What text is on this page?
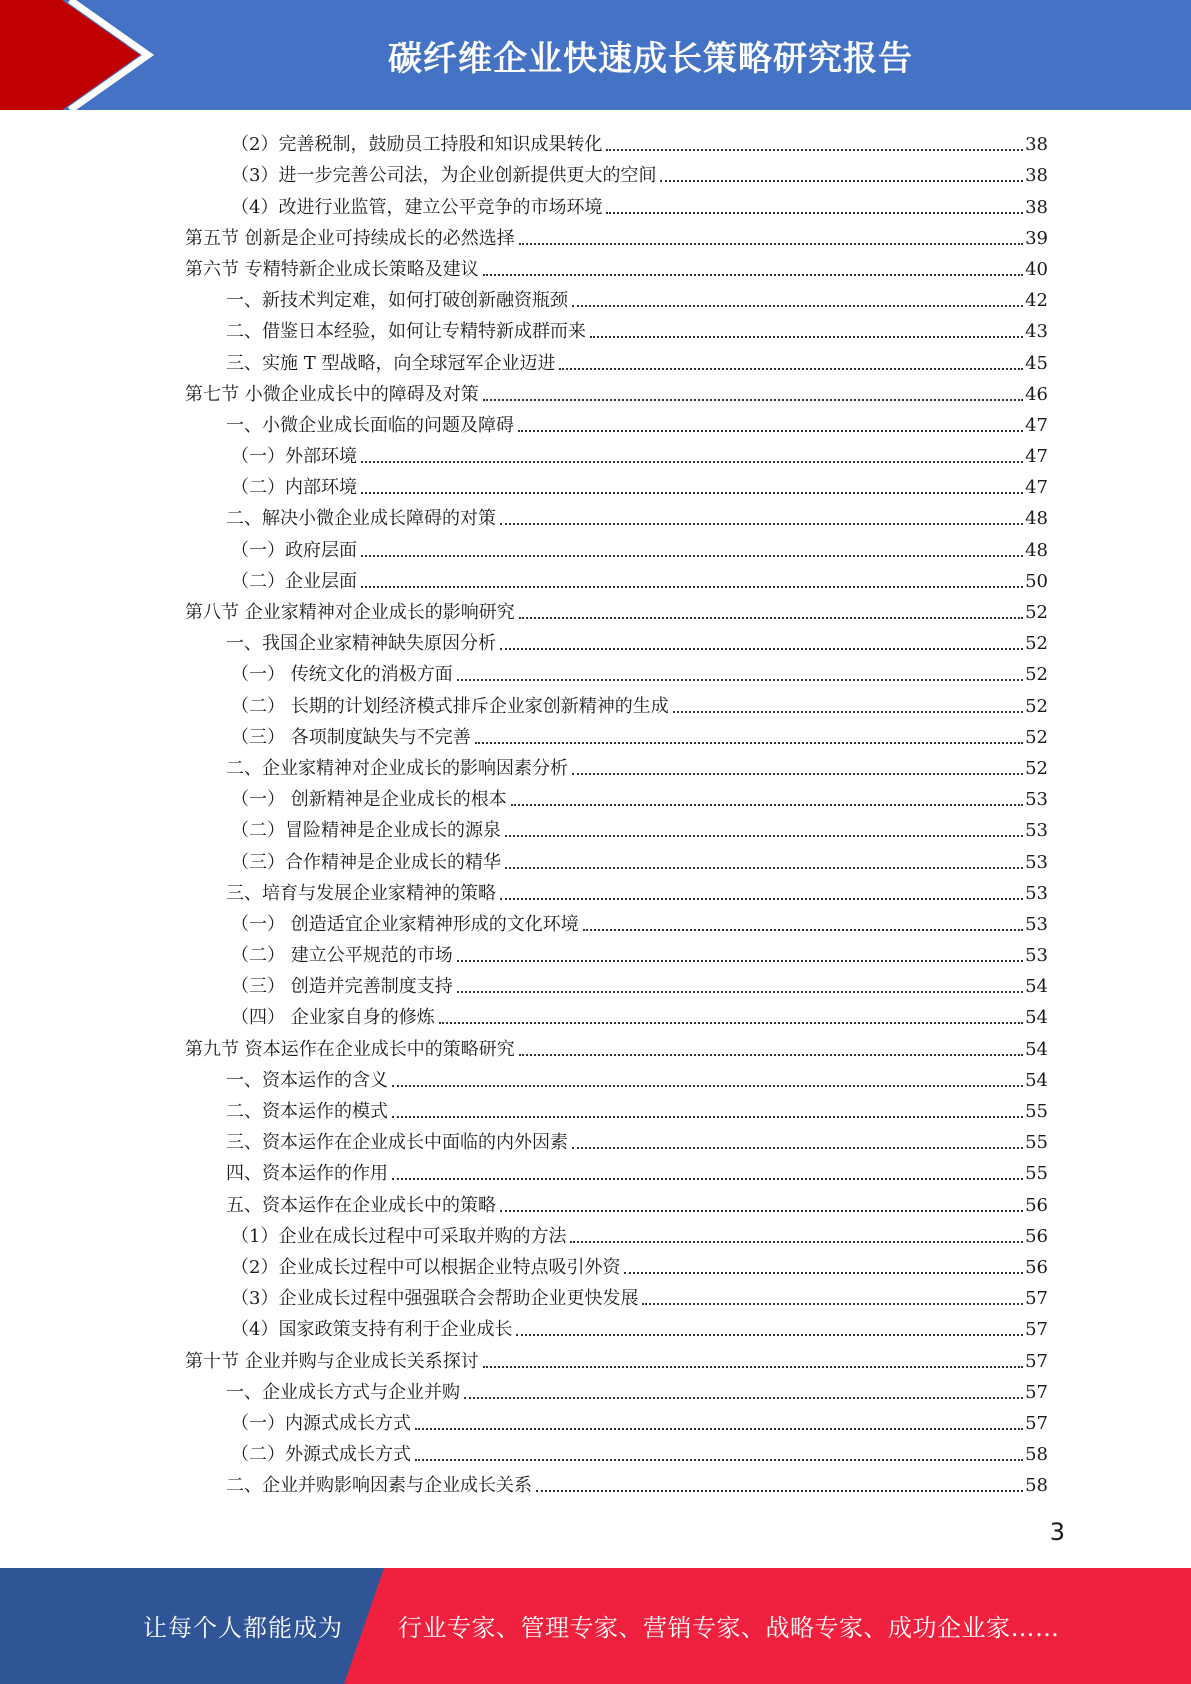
碳纤维企业快速成长策略研究报告
（2）完善税制，鼓励员工持股和知识成果转化	38
（3）进一步完善公司法，为企业创新提供更大的空间	38
（4）改进行业监管，建立公平竞争的市场环境	38
第五节 创新是企业可持续成长的必然选择	39
第六节 专精特新企业成长策略及建议	40
一、新技术判定难，如何打破创新融资瓶颈	42
二、借鉴日本经验，如何让专精特新成群而来	43
三、实施 T 型战略，向全球冠军企业迈进	45
第七节 小微企业成长中的障碍及对策	46
一、小微企业成长面临的问题及障碍	47
（一）外部环境	47
（二）内部环境	47
二、解决小微企业成长障碍的对策	48
（一）政府层面	48
（二）企业层面	50
第八节 企业家精神对企业成长的影响研究	52
一、我国企业家精神缺失原因分析	52
（一） 传统文化的消极方面	52
（二） 长期的计划经济模式排斥企业家创新精神的生成	52
（三） 各项制度缺失与不完善	52
二、企业家精神对企业成长的影响因素分析	52
（一） 创新精神是企业成长的根本	53
（二）冒险精神是企业成长的源泉	53
（三）合作精神是企业成长的精华	53
三、培育与发展企业家精神的策略	53
（一） 创造适宜企业家精神形成的文化环境	53
（二） 建立公平规范的市场	53
（三） 创造并完善制度支持	54
（四） 企业家自身的修炼	54
第九节 资本运作在企业成长中的策略研究	54
一、资本运作的含义	54
二、资本运作的模式	55
三、资本运作在企业成长中面临的内外因素	55
四、资本运作的作用	55
五、资本运作在企业成长中的策略	56
（1）企业在成长过程中可采取并购的方法	56
（2）企业成长过程中可以根据企业特点吸引外资	56
（3）企业成长过程中强强联合会帮助企业更快发展	57
（4）国家政策支持有利于企业成长	57
第十节 企业并购与企业成长关系探讨	57
一、企业成长方式与企业并购	57
（一）内源式成长方式	57
（二）外源式成长方式	58
二、企业并购影响因素与企业成长关系	58
3
让每个人都能成为 行业专家、管理专家、营销专家、战略专家、成功企业家……
